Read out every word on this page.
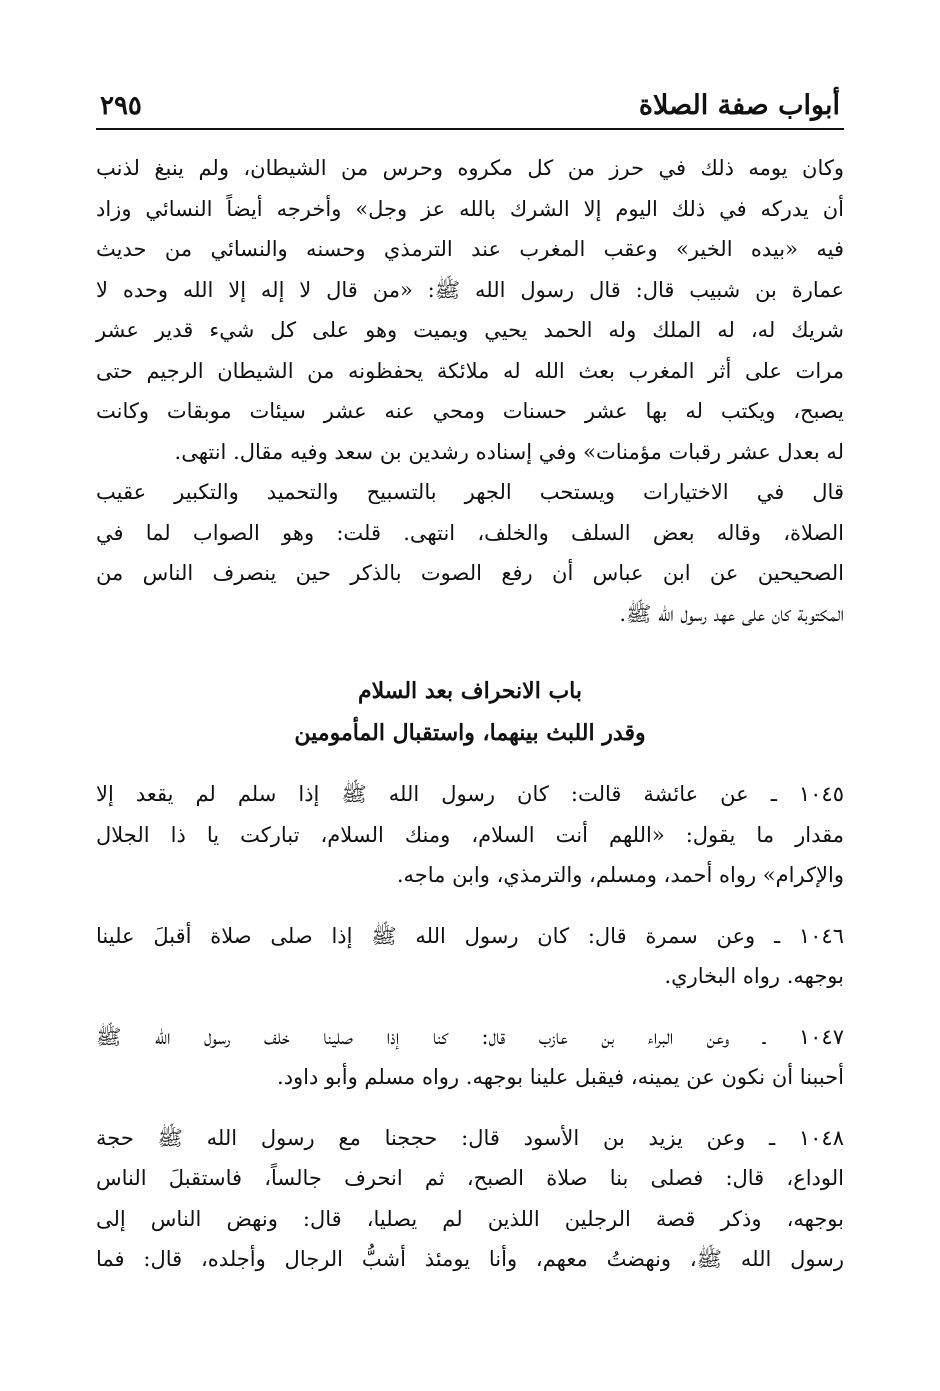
أبواب صفة الصلاة
٢٩٥
وكان يومه ذلك في حرز من كل مكروه وحرس من الشيطان، ولم ينبغ لذنب
أن يدركه في ذلك اليوم إلا الشرك بالله عز وجل» وأخرجه أيضاً النسائي وزاد
فيه «بيده الخير» وعقب المغرب عند الترمذي وحسنه والنسائي من حديث
عمارة بن شبيب قال: قال رسول الله ﷺ: «من قال لا إله إلا الله وحده لا
شريك له، له الملك وله الحمد يحيي ويميت وهو على كل شيء قدير عشر
مرات على أثر المغرب بعث الله له ملائكة يحفظونه من الشيطان الرجيم حتى
يصبح، ويكتب له بها عشر حسنات ومحي عنه عشر سيئات موبقات وكانت
له بعدل عشر رقبات مؤمنات» وفي إسناده رشدين بن سعد وفيه مقال. انتهى.
قال في الاختيارات ويستحب الجهر بالتسبيح والتحميد والتكبير عقيب
الصلاة، وقاله بعض السلف والخلف، انتهى. قلت: وهو الصواب لما في
الصحيحين عن ابن عباس أن رفع الصوت بالذكر حين ينصرف الناس من
المكتوبة كان على عهد رسول الله ﷺ.
باب الانحراف بعد السلام
وقدر اللبث بينهما، واستقبال المأمومين
١٠٤٥ ـ عن عائشة قالت: كان رسول الله ﷺ إذا سلم لم يقعد إلا
مقدار ما يقول: «اللهم أنت السلام، ومنك السلام، تباركت يا ذا الجلال
والإكرام» رواه أحمد، ومسلم، والترمذي، وابن ماجه.
١٠٤٦ ـ وعن سمرة قال: كان رسول الله ﷺ إذا صلى صلاة أقبلَ علينا
بوجهه. رواه البخاري.
١٠٤٧ ـ وعن البراء بن عازب قال: كنا إذا صلينا خلف رسول الله ﷺ
أحببنا أن نكون عن يمينه، فيقبل علينا بوجهه. رواه مسلم وأبو داود.
١٠٤٨ ـ وعن يزيد بن الأسود قال: حججنا مع رسول الله ﷺ حجة
الوداع، قال: فصلى بنا صلاة الصبح، ثم انحرف جالساً، فاستقبلَ الناس
بوجهه، وذكر قصة الرجلين اللذين لم يصليا، قال: ونهض الناس إلى
رسول الله ﷺ، ونهضتُ معهم، وأنا يومئذ أشبُّ الرجال وأجلده، قال: فما
